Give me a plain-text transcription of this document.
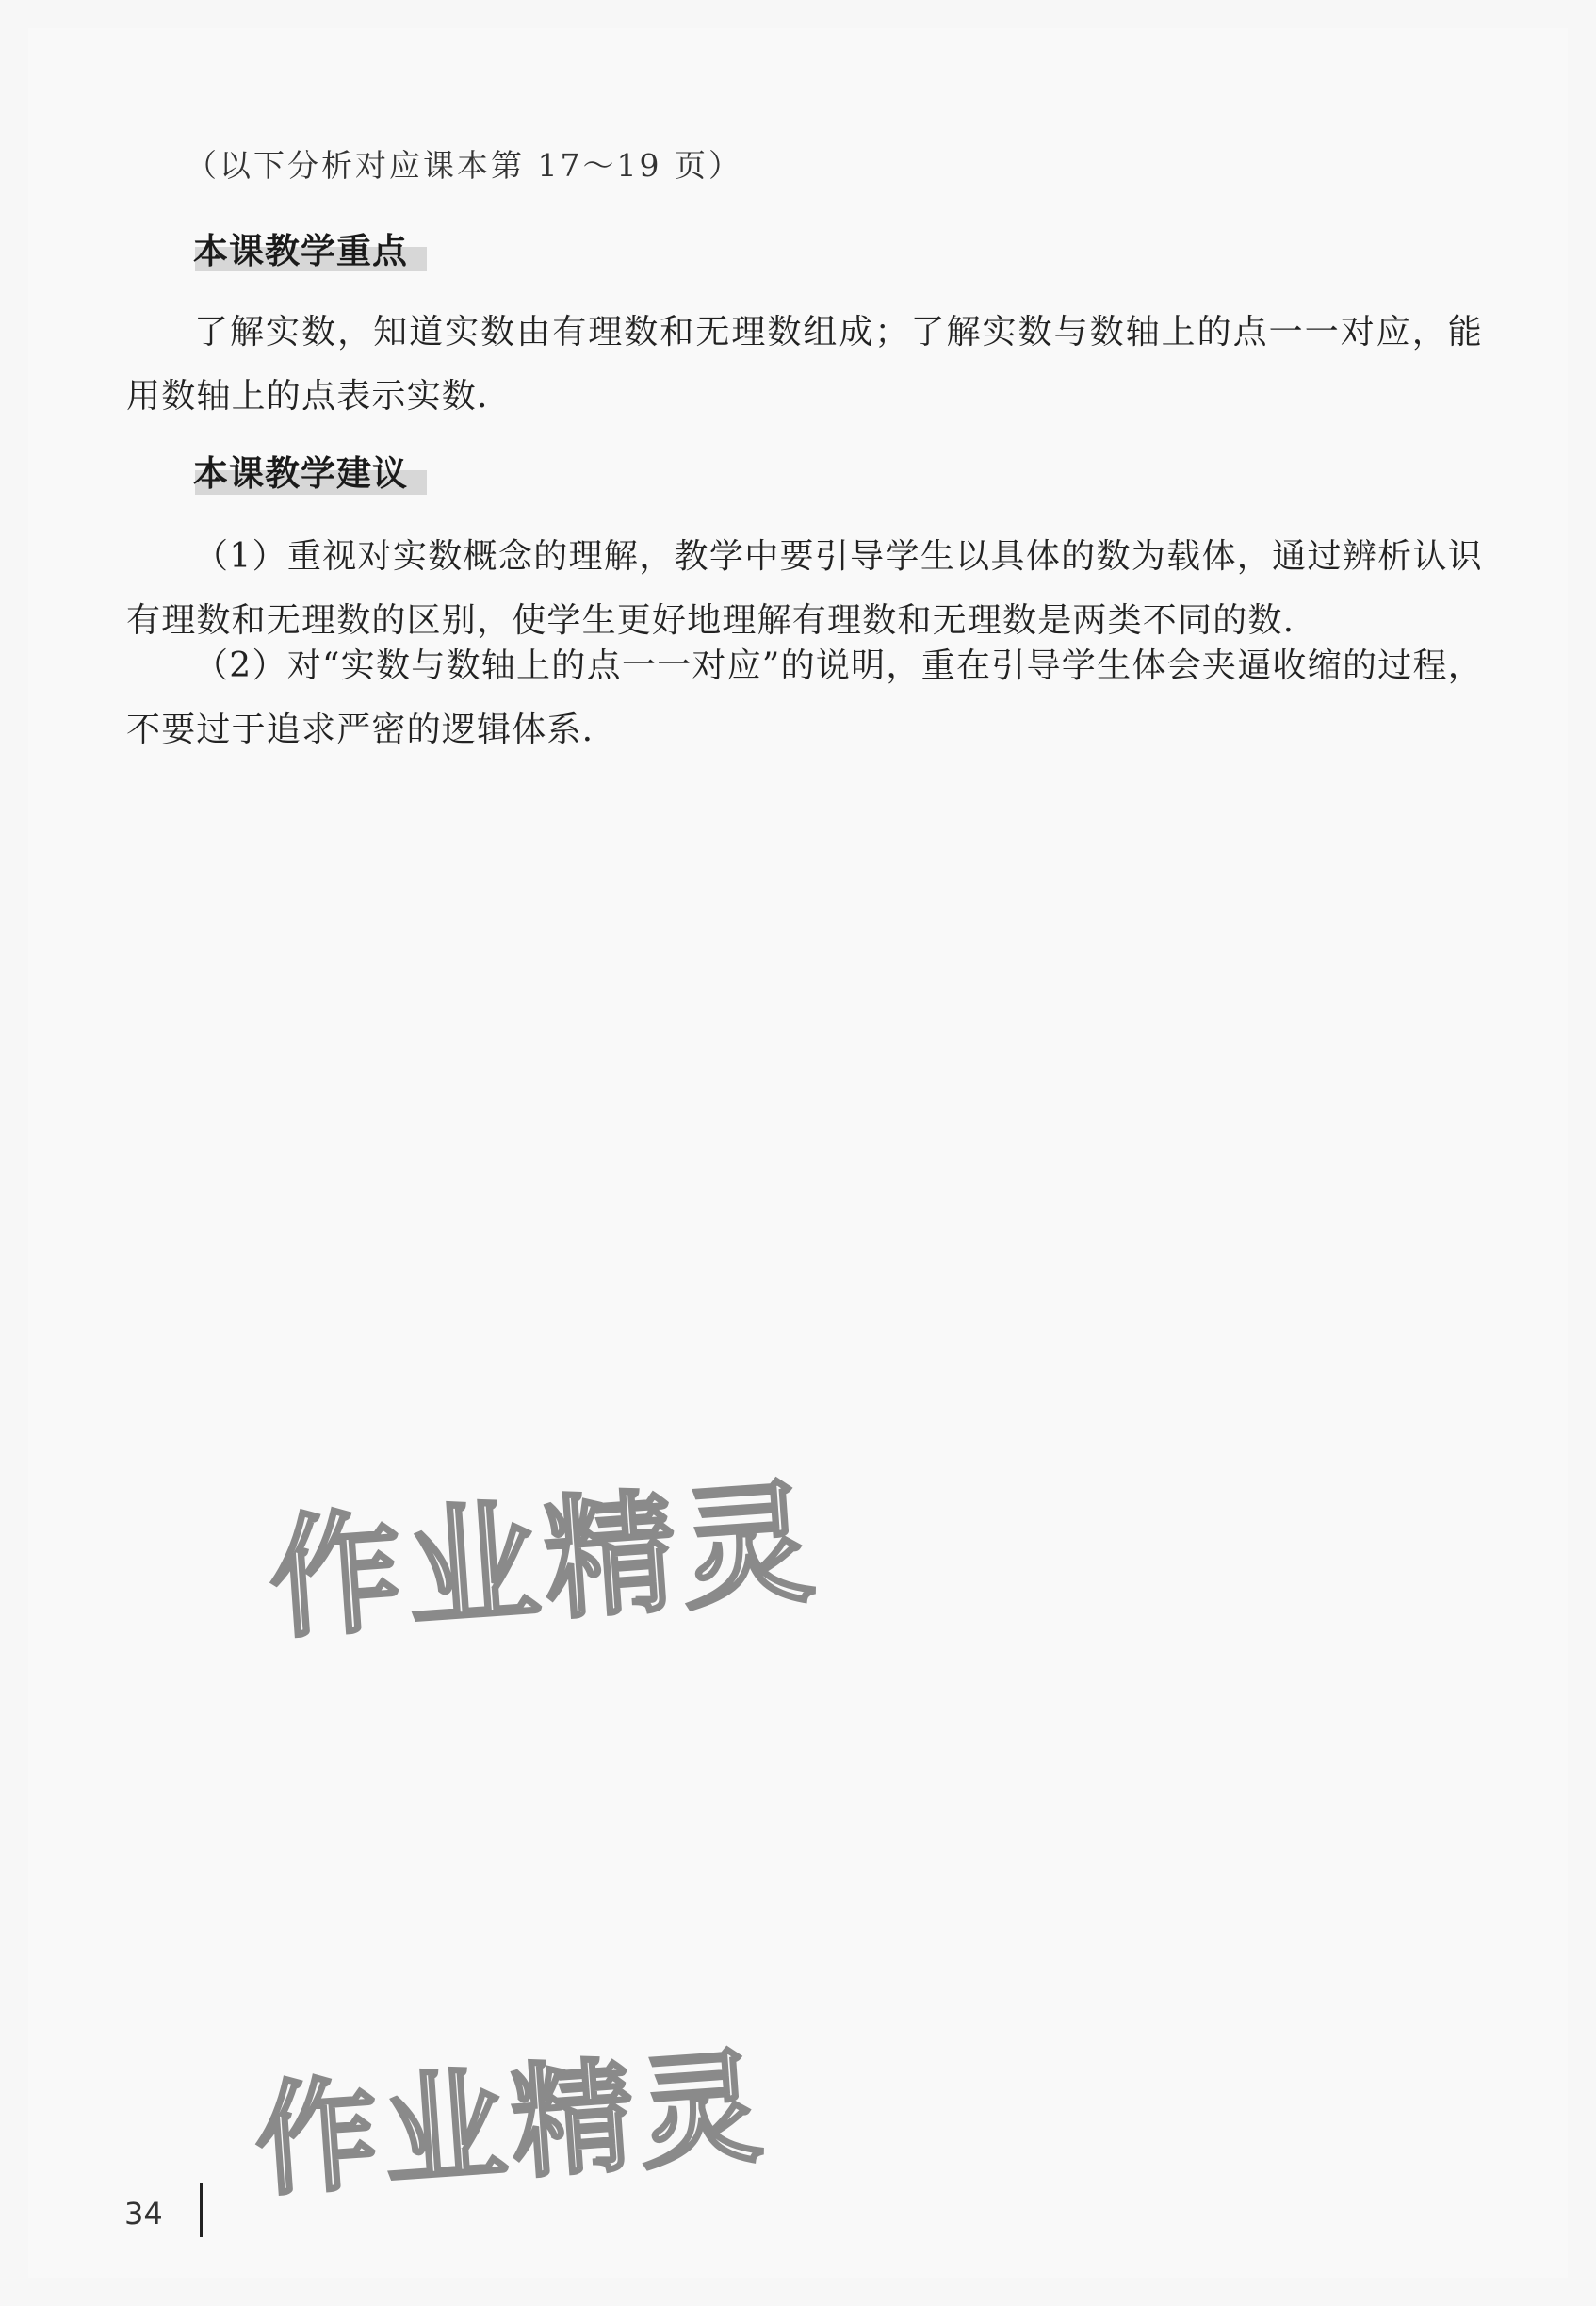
（以下分析对应课本第 17～19 页）
本课教学重点

了解实数，知道实数由有理数和无理数组成；了解实数与数轴上的点一一对应，能用数轴上的点表示实数.

本课教学建议

（1）重视对实数概念的理解，教学中要引导学生以具体的数为载体，通过辨析认识有理数和无理数的区别，使学生更好地理解有理数和无理数是两类不同的数.

（2）对“实数与数轴上的点一一对应”的说明，重在引导学生体会夹逼收缩的过程，不要过于追求严密的逻辑体系.

作业精灵
作业精灵
34
